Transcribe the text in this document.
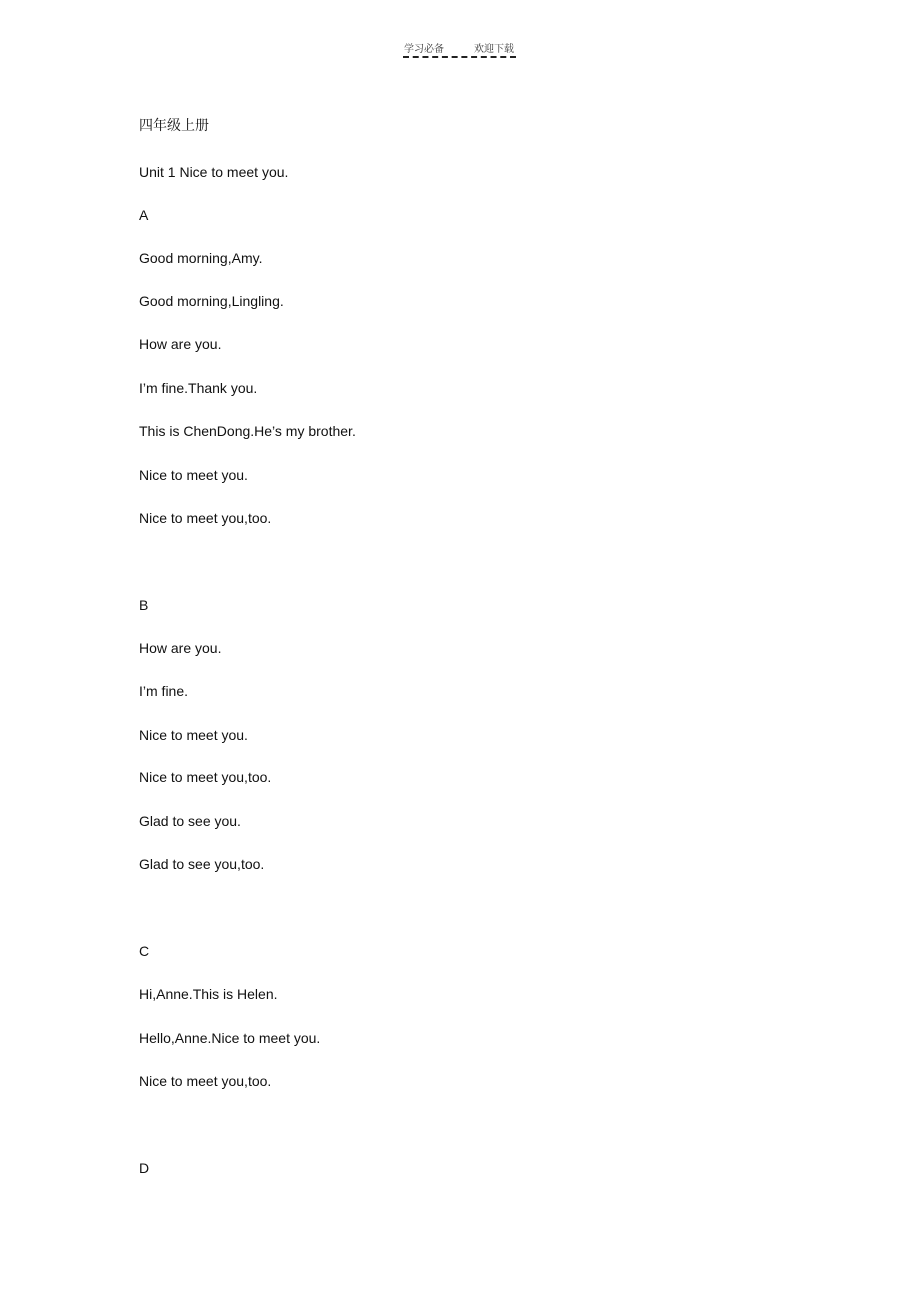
学习必备	欢迎下载
四年级上册
Unit 1 Nice to meet you.
A
Good morning,Amy.
Good morning,Lingling.
How are you.
I’m fine.Thank you.
This is ChenDong.He’s my brother.
Nice to meet you.
Nice to meet you,too.
B
How are you.
I’m fine.
Nice to meet you.
Nice to meet you,too.
Glad to see you.
Glad to see you,too.
C
Hi,Anne.This is Helen.
Hello,Anne.Nice to meet you.
Nice to meet you,too.
D
